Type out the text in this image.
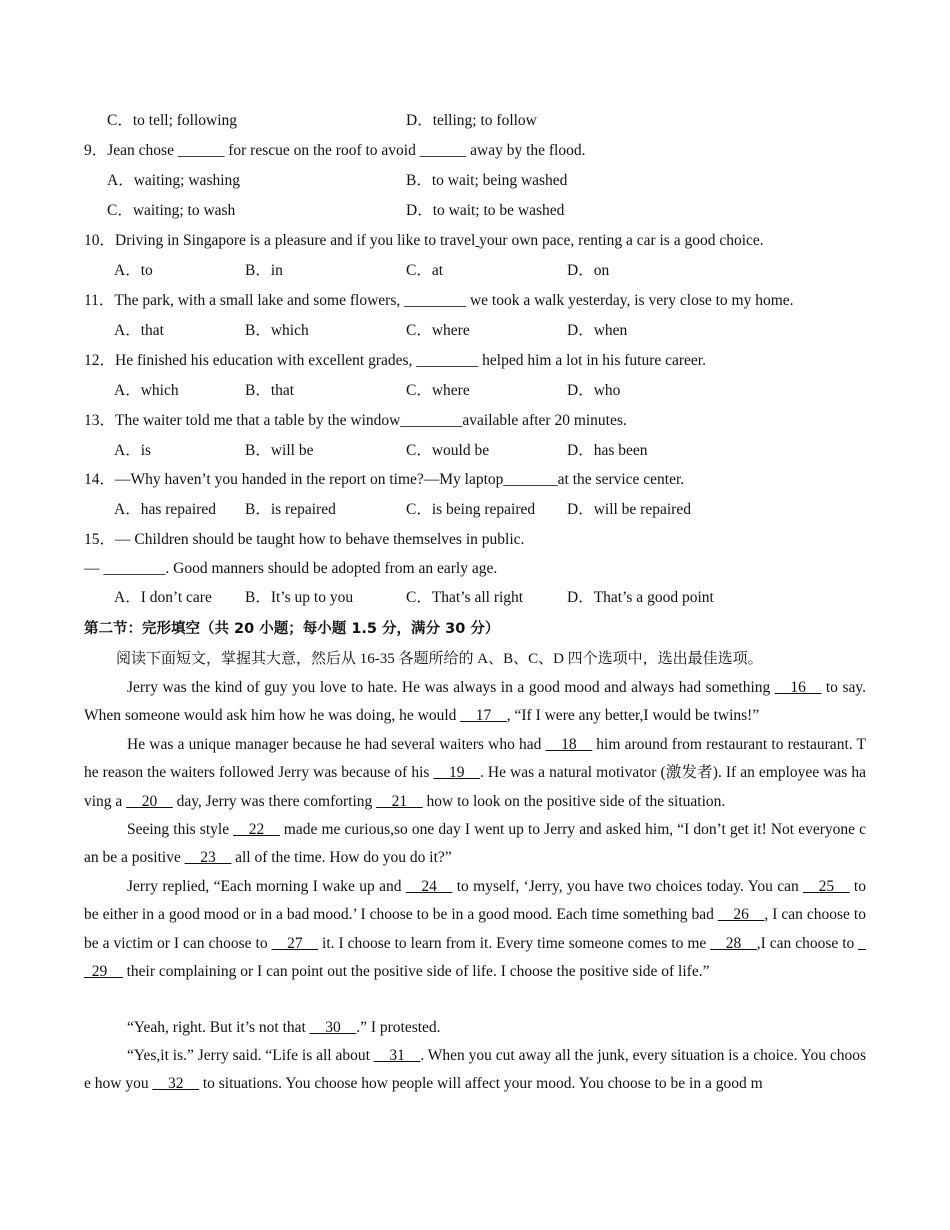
C．to tell; following	D．telling; to follow
9．Jean chose ______ for rescue on the roof to avoid ______ away by the flood.
A．waiting; washing	B．to wait; being washed
C．waiting; to wash	D．to wait; to be washed
10．Driving in Singapore is a pleasure and if you like to travel your own pace, renting a car is a good choice.
A．to	B．in	C．at	D．on
11．The park, with a small lake and some flowers, ________ we took a walk yesterday, is very close to my home.
A．that	B．which	C．where	D．when
12．He finished his education with excellent grades, ________ helped him a lot in his future career.
A．which	B．that	C．where	D．who
13．The waiter told me that a table by the window________available after 20 minutes.
A．is	B．will be	C．would be	D．has been
14．—Why haven’t you handed in the report on time?—My laptop_______at the service center.
A．has repaired B．is repaired	C．is being repaired D．will be repaired
15．— Children should be taught how to behave themselves in public.
— ________. Good manners should be adopted from an early age.
A．I don’t care B．It’s up to you	C．That’s all right	D．That’s a good point
第二节：完形填空（共 20 小题；每小题 1.5 分，满分 30 分）
阅读下面短文，掌握其大意，然后从 16-35 各题所给的 A、B、C、D 四个选项中，选出最佳选项。
Jerry was the kind of guy you love to hate. He was always in a good mood and always had something __16__ to say. When someone would ask him how he was doing, he would __17__, “If I were any better,I would be twins!”
He was a unique manager because he had several waiters who had __18__ him around from restaurant to restaurant. The reason the waiters followed Jerry was because of his __19__. He was a natural motivator (激发者). If an employee was having a __20__ day, Jerry was there comforting __21__ how to look on the positive side of the situation.
Seeing this style __22__ made me curious,so one day I went up to Jerry and asked him, “I don’t get it! Not everyone can be a positive __23__ all of the time. How do you do it?”
Jerry replied, “Each morning I wake up and __24__ to myself, ‘Jerry, you have two choices today. You can __25__ to be either in a good mood or in a bad mood.’ I choose to be in a good mood. Each time something bad __26__, I can choose to be a victim or I can choose to __27__ it. I choose to learn from it. Every time someone comes to me __28__,I can choose to __29__ their complaining or I can point out the positive side of life. I choose the positive side of life.”
“Yeah, right. But it’s not that __30__.” I protested.
“Yes,it is.” Jerry said. “Life is all about __31__. When you cut away all the junk, every situation is a choice. You choose how you __32__ to situations. You choose how people will affect your mood. You choose to be in a good m
